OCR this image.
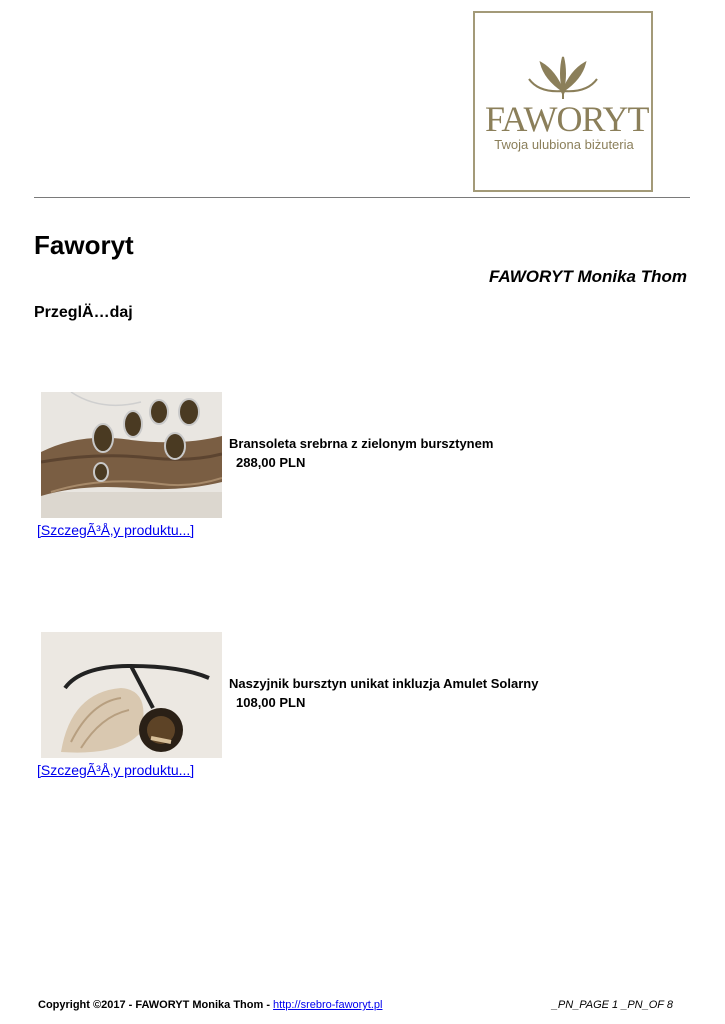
FAWORYT
Twoja ulubiona biżuteria
Faworyt
FAWORYT Monika Thom
PrzeglÄ…daj
Bransoleta srebrna z zielonym bursztynem
288,00 PLN
[SzczegÃ³Å‚y produktu...]
Naszyjnik bursztyn unikat inkluzja Amulet Solarny
108,00 PLN
[SzczegÃ³Å‚y produktu...]
Copyright ©2017 - FAWORYT Monika Thom - http://srebro-faworyt.pl	_PN_PAGE 1 _PN_OF 8
